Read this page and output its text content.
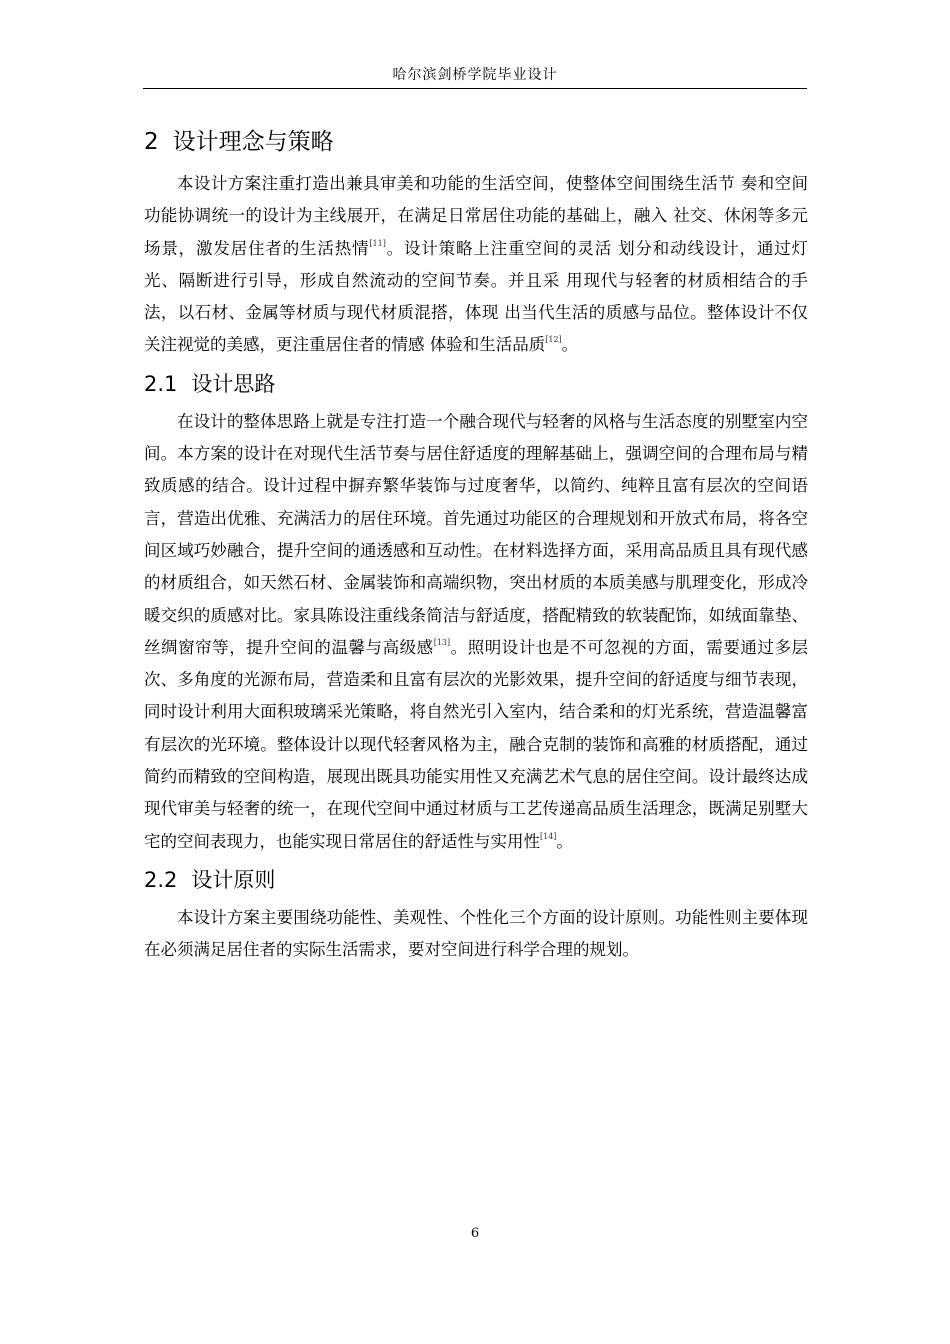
哈尔滨剑桥学院毕业设计
2 设计理念与策略

本设计方案注重打造出兼具审美和功能的生活空间，使整体空间围绕生活节 奏和空间功能协调统一的设计为主线展开，在满足日常居住功能的基础上，融入 社交、休闲等多元场景，激发居住者的生活热情[11]。设计策略上注重空间的灵活 划分和动线设计，通过灯光、隔断进行引导，形成自然流动的空间节奏。并且采 用现代与轻奢的材质相结合的手法，以石材、金属等材质与现代材质混搭，体现 出当代生活的质感与品位。整体设计不仅关注视觉的美感，更注重居住者的情感 体验和生活品质[12]。

2.1 设计思路

在设计的整体思路上就是专注打造一个融合现代与轻奢的风格与生活态度的别墅室内空间。本方案的设计在对现代生活节奏与居住舒适度的理解基础上，强调空间的合理布局与精致质感的结合。设计过程中摒弃繁华装饰与过度奢华，以简约、纯粹且富有层次的空间语言，营造出优雅、充满活力的居住环境。首先通过功能区的合理规划和开放式布局，将各空间区域巧妙融合，提升空间的通透感和互动性。在材料选择方面，采用高品质且具有现代感的材质组合，如天然石材、金属装饰和高端织物，突出材质的本质美感与肌理变化，形成冷暖交织的质感对比。家具陈设注重线条简洁与舒适度，搭配精致的软装配饰，如绒面靠垫、丝绸窗帘等，提升空间的温馨与高级感[13]。照明设计也是不可忽视的方面，需要通过多层次、多角度的光源布局，营造柔和且富有层次的光影效果，提升空间的舒适度与细节表现，同时设计利用大面积玻璃采光策略，将自然光引入室内，结合柔和的灯光系统，营造温馨富有层次的光环境。整体设计以现代轻奢风格为主，融合克制的装饰和高雅的材质搭配，通过简约而精致的空间构造，展现出既具功能实用性又充满艺术气息的居住空间。设计最终达成现代审美与轻奢的统一，在现代空间中通过材质与工艺传递高品质生活理念，既满足别墅大宅的空间表现力，也能实现日常居住的舒适性与实用性[14]。

2.2 设计原则

本设计方案主要围绕功能性、美观性、个性化三个方面的设计原则。功能性则主要体现在必须满足居住者的实际生活需求，要对空间进行科学合理的规划。

6
